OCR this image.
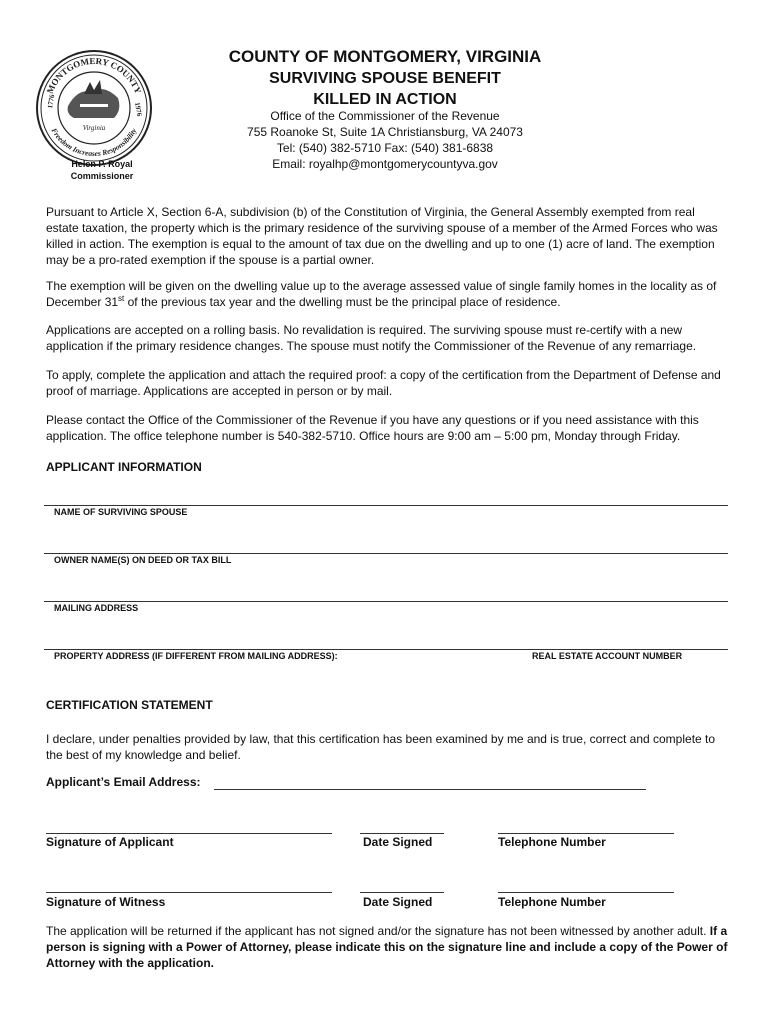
MONTGOMERY COUNTY
Freedom Increases Responsibility
1776
1976
Virginia
Helen P. Royal
Commissioner
COUNTY OF MONTGOMERY, VIRGINIA
SURVIVING SPOUSE BENEFIT
KILLED IN ACTION
Office of the Commissioner of the Revenue
755 Roanoke St, Suite 1A Christiansburg, VA 24073
Tel: (540) 382-5710 Fax: (540) 381-6838
Email: royalhp@montgomerycountyva.gov
Pursuant to Article X, Section 6-A, subdivision (b) of the Constitution of Virginia, the General Assembly exempted from real estate taxation, the property which is the primary residence of the surviving spouse of a member of the Armed Forces who was killed in action. The exemption is equal to the amount of tax due on the dwelling and up to one (1) acre of land. The exemption may be a pro-rated exemption if the spouse is a partial owner.
The exemption will be given on the dwelling value up to the average assessed value of single family homes in the locality as of December 31st of the previous tax year and the dwelling must be the principal place of residence.
Applications are accepted on a rolling basis. No revalidation is required. The surviving spouse must re-certify with a new application if the primary residence changes. The spouse must notify the Commissioner of the Revenue of any remarriage.
To apply, complete the application and attach the required proof: a copy of the certification from the Department of Defense and proof of marriage. Applications are accepted in person or by mail.
Please contact the Office of the Commissioner of the Revenue if you have any questions or if you need assistance with this application. The office telephone number is 540-382-5710. Office hours are 9:00 am – 5:00 pm, Monday through Friday.
APPLICANT INFORMATION
NAME OF SURVIVING SPOUSE
OWNER NAME(S) ON DEED OR TAX BILL
MAILING ADDRESS
PROPERTY ADDRESS (IF DIFFERENT FROM MAILING ADDRESS):	REAL ESTATE ACCOUNT NUMBER
CERTIFICATION STATEMENT
I declare, under penalties provided by law, that this certification has been examined by me and is true, correct and complete to the best of my knowledge and belief.
Applicant’s Email Address:
Signature of Applicant	Date Signed	Telephone Number
Signature of Witness	Date Signed	Telephone Number
The application will be returned if the applicant has not signed and/or the signature has not been witnessed by another adult. If a person is signing with a Power of Attorney, please indicate this on the signature line and include a copy of the Power of Attorney with the application.
